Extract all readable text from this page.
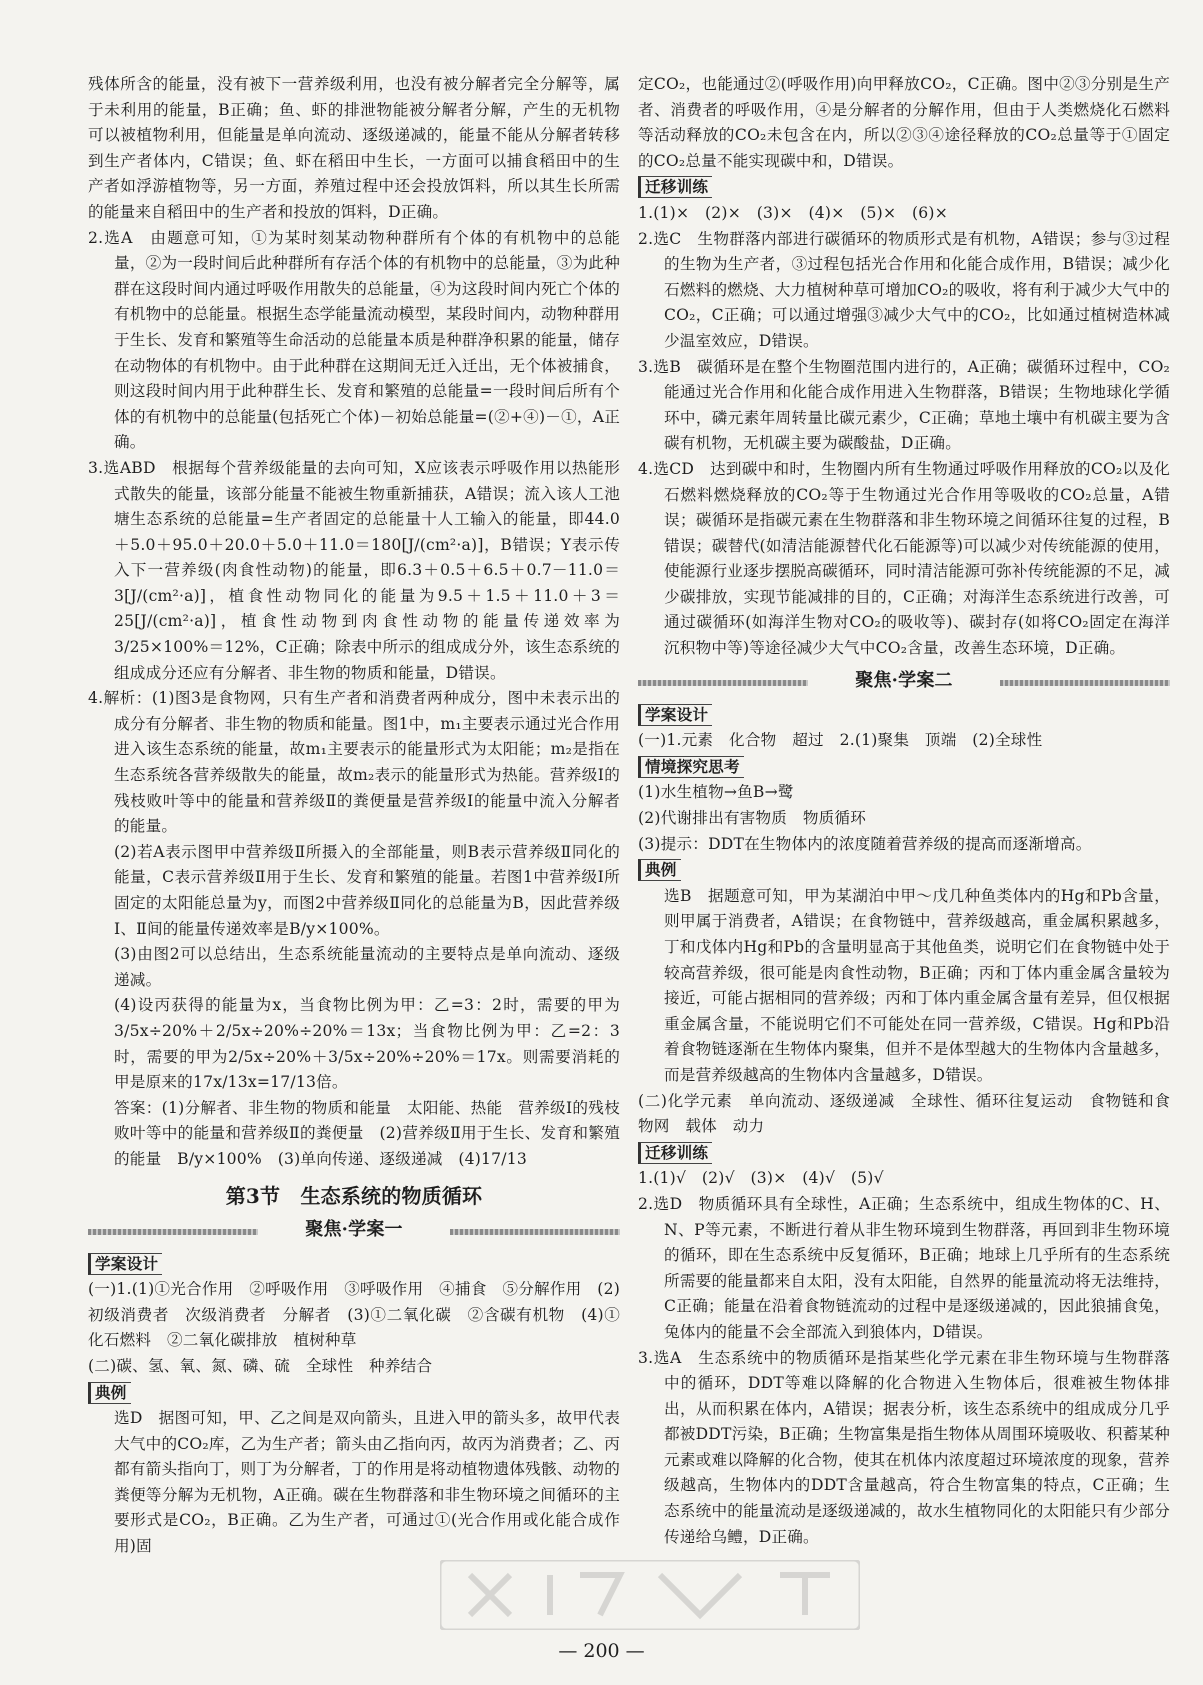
残体所含的能量，没有被下一营养级利用，也没有被分解者完全分解等，属于未利用的能量，B正确；鱼、虾的排泄物能被分解者分解，产生的无机物可以被植物利用，但能量是单向流动、逐级递减的，能量不能从分解者转移到生产者体内，C错误；鱼、虾在稻田中生长，一方面可以捕食稻田中的生产者如浮游植物等，另一方面，养殖过程中还会投放饵料，所以其生长所需的能量来自稻田中的生产者和投放的饵料，D正确。

2.选A　由题意可知，①为某时刻某动物种群所有个体的有机物中的总能量，②为一段时间后此种群所有存活个体的有机物中的总能量，③为此种群在这段时间内通过呼吸作用散失的总能量，④为这段时间内死亡个体的有机物中的总能量。根据生态学能量流动模型，某段时间内，动物种群用于生长、发育和繁殖等生命活动的总能量本质是种群净积累的能量，储存在动物体的有机物中。由于此种群在这期间无迁入迁出，无个体被捕食，则这段时间内用于此种群生长、发育和繁殖的总能量=一段时间后所有个体的有机物中的总能量(包括死亡个体)－初始总能量=(②+④)－①，A正确。

3.选ABD　根据每个营养级能量的去向可知，X应该表示呼吸作用以热能形式散失的能量，该部分能量不能被生物重新捕获，A错误；流入该人工池塘生态系统的总能量=生产者固定的总能量十人工输入的能量，即44.0＋5.0＋95.0＋20.0＋5.0＋11.0＝180[J/(cm²·a)]，B错误；Y表示传入下一营养级(肉食性动物)的能量，即6.3＋0.5＋6.5＋0.7－11.0＝3[J/(cm²·a)]，植食性动物同化的能量为9.5＋1.5＋11.0＋3＝25[J/(cm²·a)]，植食性动物到肉食性动物的能量传递效率为3/25×100%＝12%，C正确；除表中所示的组成成分外，该生态系统的组成成分还应有分解者、非生物的物质和能量，D错误。

4.解析：(1)图3是食物网，只有生产者和消费者两种成分，图中未表示出的成分有分解者、非生物的物质和能量。图1中，m₁主要表示通过光合作用进入该生态系统的能量，故m₁主要表示的能量形式为太阳能；m₂是指在生态系统各营养级散失的能量，故m₂表示的能量形式为热能。营养级Ⅰ的残枝败叶等中的能量和营养级Ⅱ的粪便量是营养级Ⅰ的能量中流入分解者的能量。

(2)若A表示图甲中营养级Ⅱ所摄入的全部能量，则B表示营养级Ⅱ同化的能量，C表示营养级Ⅱ用于生长、发育和繁殖的能量。若图1中营养级Ⅰ所固定的太阳能总量为y，而图2中营养级Ⅱ同化的总能量为B，因此营养级Ⅰ、Ⅱ间的能量传递效率是B/y×100%。

(3)由图2可以总结出，生态系统能量流动的主要特点是单向流动、逐级递减。

(4)设丙获得的能量为x，当食物比例为甲：乙=3：2时，需要的甲为3/5x÷20%＋2/5x÷20%÷20%＝13x；当食物比例为甲：乙=2：3时，需要的甲为2/5x÷20%＋3/5x÷20%÷20%＝17x。则需要消耗的甲是原来的17x/13x=17/13倍。

答案：(1)分解者、非生物的物质和能量　太阳能、热能　营养级Ⅰ的残枝败叶等中的能量和营养级Ⅱ的粪便量　(2)营养级Ⅱ用于生长、发育和繁殖的能量　B/y×100%　(3)单向传递、逐级递减　(4)17/13

第3节　生态系统的物质循环
聚焦·学案一
学案设计

(一)1.(1)①光合作用　②呼吸作用　③呼吸作用　④捕食　⑤分解作用　(2)初级消费者　次级消费者　分解者　(3)①二氧化碳　②含碳有机物　(4)①化石燃料　②二氧化碳排放　植树种草

(二)碳、氢、氧、氮、磷、硫　全球性　种养结合

典例

选D　据图可知，甲、乙之间是双向箭头，且进入甲的箭头多，故甲代表大气中的CO₂库，乙为生产者；箭头由乙指向丙，故丙为消费者；乙、丙都有箭头指向丁，则丁为分解者，丁的作用是将动植物遗体残骸、动物的粪便等分解为无机物，A正确。碳在生物群落和非生物环境之间循环的主要形式是CO₂，B正确。乙为生产者，可通过①(光合作用或化能合成作用)固

定CO₂，也能通过②(呼吸作用)向甲释放CO₂，C正确。图中②③分别是生产者、消费者的呼吸作用，④是分解者的分解作用，但由于人类燃烧化石燃料等活动释放的CO₂未包含在内，所以②③④途径释放的CO₂总量等于①固定的CO₂总量不能实现碳中和，D错误。

迁移训练

1.(1)×　(2)×　(3)×　(4)×　(5)×　(6)×

2.选C　生物群落内部进行碳循环的物质形式是有机物，A错误；参与③过程的生物为生产者，③过程包括光合作用和化能合成作用，B错误；减少化石燃料的燃烧、大力植树种草可增加CO₂的吸收，将有利于减少大气中的CO₂，C正确；可以通过增强③减少大气中的CO₂，比如通过植树造林减少温室效应，D错误。

3.选B　碳循环是在整个生物圈范围内进行的，A正确；碳循环过程中，CO₂能通过光合作用和化能合成作用进入生物群落，B错误；生物地球化学循环中，磷元素年周转量比碳元素少，C正确；草地土壤中有机碳主要为含碳有机物，无机碳主要为碳酸盐，D正确。

4.选CD　达到碳中和时，生物圈内所有生物通过呼吸作用释放的CO₂以及化石燃料燃烧释放的CO₂等于生物通过光合作用等吸收的CO₂总量，A错误；碳循环是指碳元素在生物群落和非生物环境之间循环往复的过程，B错误；碳替代(如清洁能源替代化石能源等)可以减少对传统能源的使用，使能源行业逐步摆脱高碳循环，同时清洁能源可弥补传统能源的不足，减少碳排放，实现节能减排的目的，C正确；对海洋生态系统进行改善，可通过碳循环(如海洋生物对CO₂的吸收等)、碳封存(如将CO₂固定在海洋沉积物中等)等途径减少大气中CO₂含量，改善生态环境，D正确。

聚焦·学案二
学案设计

(一)1.元素　化合物　超过　2.(1)聚集　顶端　(2)全球性

情境探究思考

(1)水生植物→鱼B→鹭

(2)代谢排出有害物质　物质循环

(3)提示：DDT在生物体内的浓度随着营养级的提高而逐渐增高。

典例

选B　据题意可知，甲为某湖泊中甲～戊几种鱼类体内的Hg和Pb含量，则甲属于消费者，A错误；在食物链中，营养级越高，重金属积累越多，丁和戊体内Hg和Pb的含量明显高于其他鱼类，说明它们在食物链中处于较高营养级，很可能是肉食性动物，B正确；丙和丁体内重金属含量较为接近，可能占据相同的营养级；丙和丁体内重金属含量有差异，但仅根据重金属含量，不能说明它们不可能处在同一营养级，C错误。Hg和Pb沿着食物链逐渐在生物体内聚集，但并不是体型越大的生物体内含量越多，而是营养级越高的生物体内含量越多，D错误。

(二)化学元素　单向流动、逐级递减　全球性、循环往复运动　食物链和食物网　载体　动力

迁移训练

1.(1)√　(2)√　(3)×　(4)√　(5)√

2.选D　物质循环具有全球性，A正确；生态系统中，组成生物体的C、H、N、P等元素，不断进行着从非生物环境到生物群落，再回到非生物环境的循环，即在生态系统中反复循环，B正确；地球上几乎所有的生态系统所需要的能量都来自太阳，没有太阳能，自然界的能量流动将无法维持，C正确；能量在沿着食物链流动的过程中是逐级递减的，因此狼捕食兔，兔体内的能量不会全部流入到狼体内，D错误。

3.选A　生态系统中的物质循环是指某些化学元素在非生物环境与生物群落中的循环，DDT等难以降解的化合物进入生物体后，很难被生物体排出，从而积累在体内，A错误；据表分析，该生态系统中的组成成分几乎都被DDT污染，B正确；生物富集是指生物体从周围环境吸收、积蓄某种元素或难以降解的化合物，使其在机体内浓度超过环境浓度的现象，营养级越高，生物体内的DDT含量越高，符合生物富集的特点，C正确；生态系统中的能量流动是逐级递减的，故水生植物同化的太阳能只有少部分传递给乌鳢，D正确。

— 200 —
